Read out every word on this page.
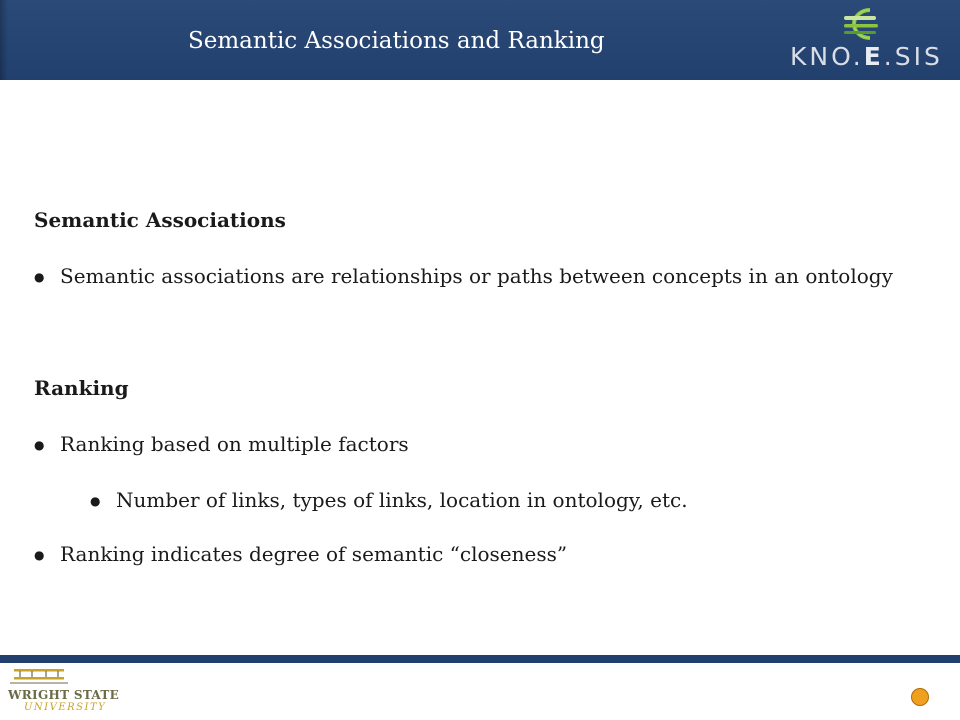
Semantic Associations and Ranking
KNO.E.SIS
Semantic Associations
● Semantic associations are relationships or paths between concepts in an ontology
Ranking
● Ranking based on multiple factors
● Number of links, types of links, location in ontology, etc.
● Ranking indicates degree of semantic “closeness”
WRIGHT STATE
UNIVERSITY
